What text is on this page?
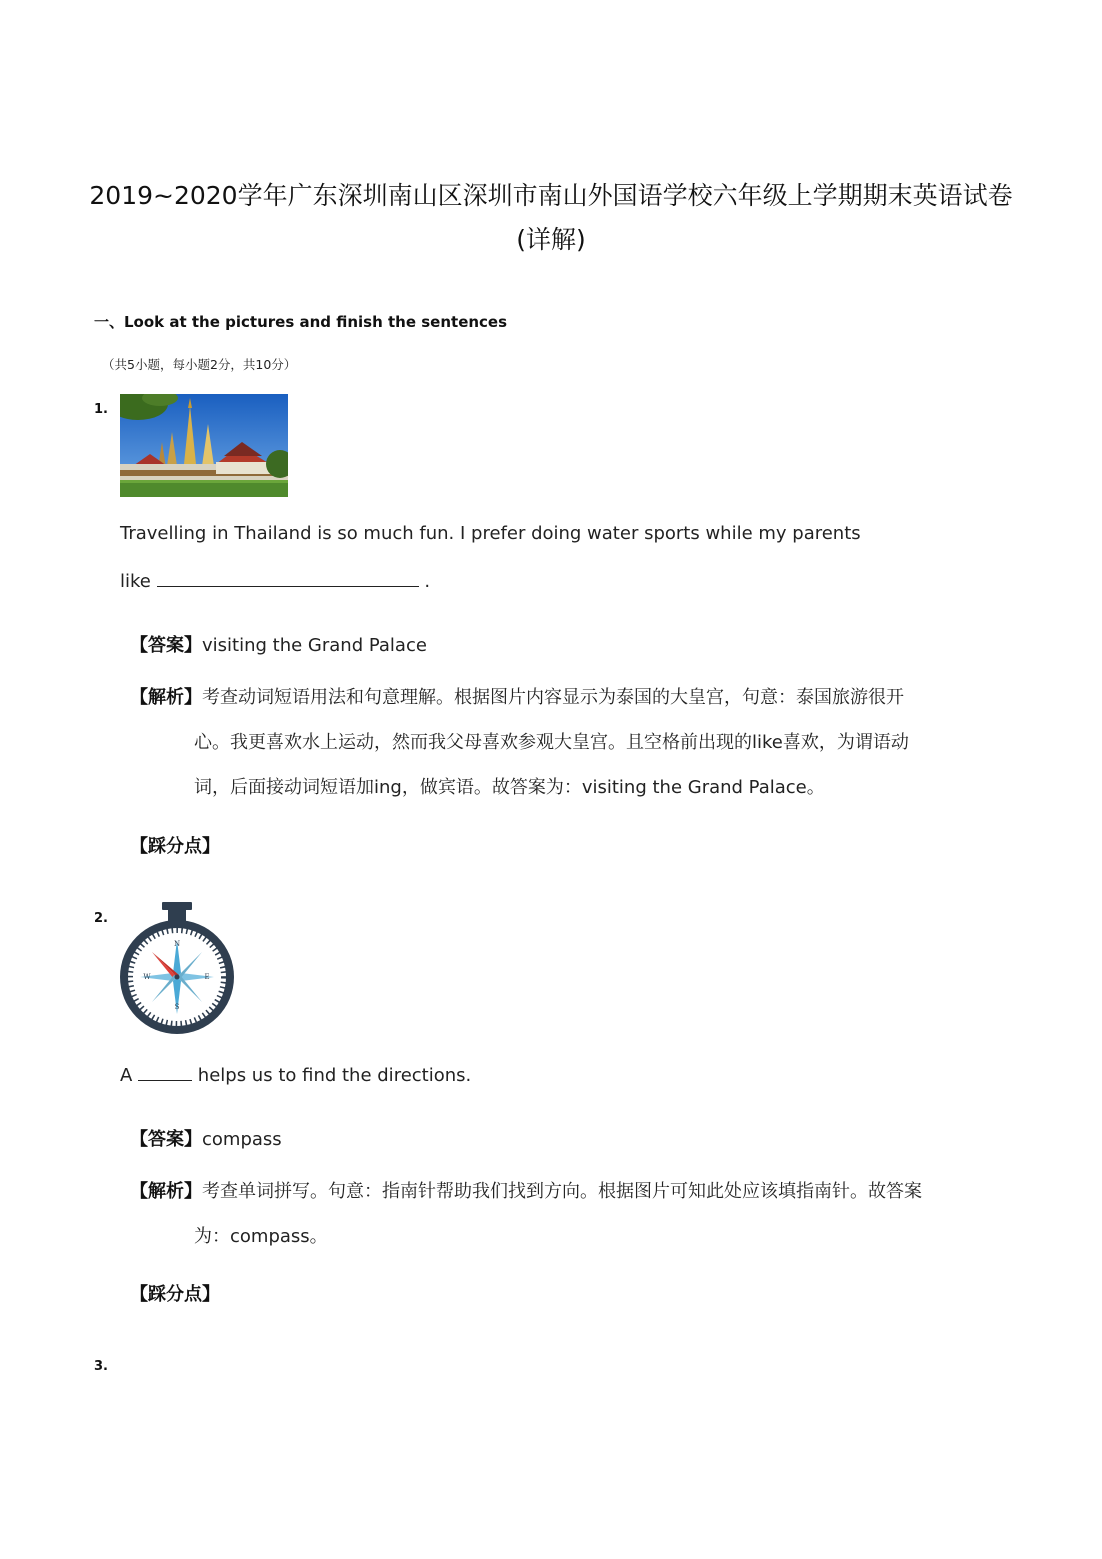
2019~2020学年广东深圳南山区深圳市南山外国语学校六年级上学期期末英语试卷
(详解)
一、Look at the pictures and finish the sentences
（共5小题，每小题2分，共10分）
1.
Travelling in Thailand is so much fun. I prefer doing water sports while my parents
like	.
【答案】visiting the Grand Palace
【解析】考查动词短语用法和句意理解。根据图片内容显示为泰国的大皇宫，句意：泰国旅游很开
心。我更喜欢水上运动，然而我父母喜欢参观大皇宫。且空格前出现的like喜欢，为谓语动
词，后面接动词短语加ing，做宾语。故答案为：visiting the Grand Palace。
【踩分点】
2.
N
E
S
W
A	helps us to find the directions.
【答案】compass
【解析】考查单词拼写。句意：指南针帮助我们找到方向。根据图片可知此处应该填指南针。故答案
为：compass。
【踩分点】
3.
